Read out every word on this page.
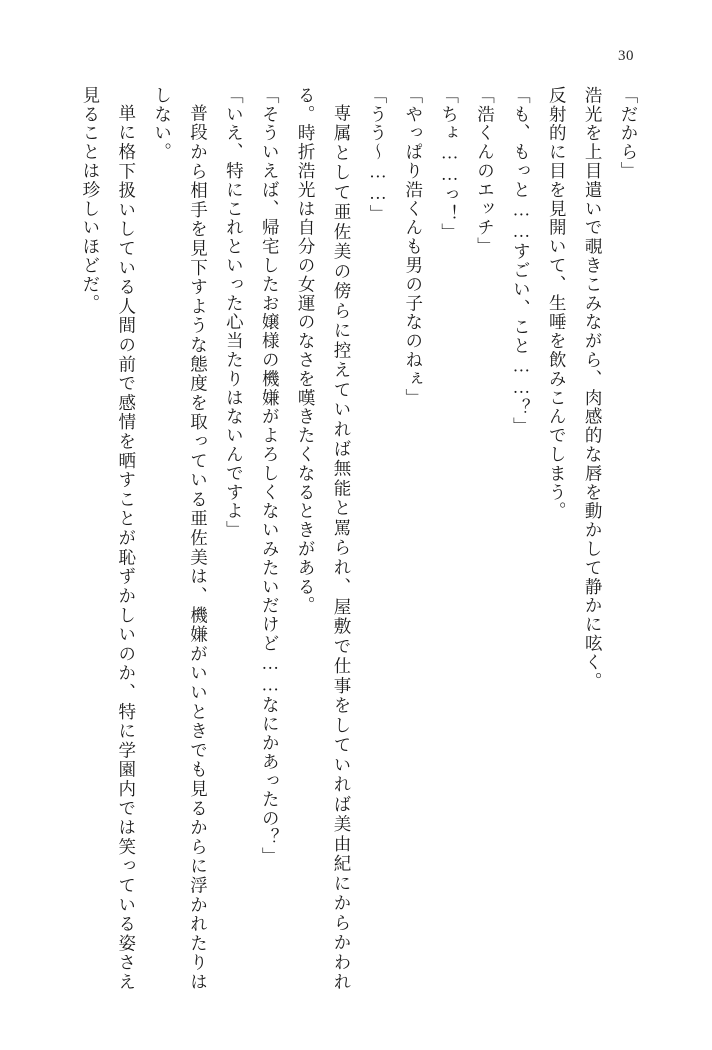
30

「だから」

浩光を上目遣いで覗きこみながら、肉感的な唇を動かして静かに呟く。

反射的に目を見開いて、生唾を飲みこんでしまう。

「も、もっと……すごい、こと……？」

「浩くんのエッチ」

「ちょ……っ！」

「やっぱり浩くんも男の子なのねぇ」

「うう～……」

専属として亜佐美の傍らに控えていれば無能と罵られ、屋敷で仕事をしていれば美由紀にからかわれる。時折浩光は自分の女運のなさを嘆きたくなるときがある。

「そういえば、帰宅したお嬢様の機嫌がよろしくないみたいだけど……なにかあったの？」

「いえ、特にこれといった心当たりはないんですよ」

普段から相手を見下すような態度を取っている亜佐美は、機嫌がいいときでも見るからに浮かれたりはしない。

単に格下扱いしている人間の前で感情を晒すことが恥ずかしいのか、特に学園内では笑っている姿さえ見ることは珍しいほどだ。
